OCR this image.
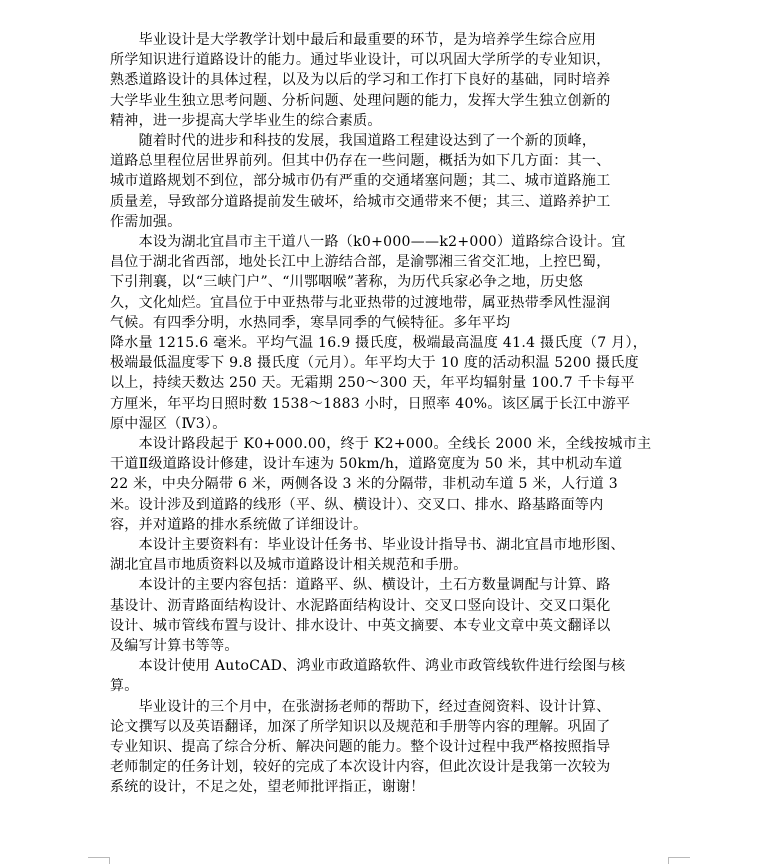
　　毕业设计是大学教学计划中最后和最重要的环节，是为培养学生综合应用
所学知识进行道路设计的能力。通过毕业设计，可以巩固大学所学的专业知识，
熟悉道路设计的具体过程，以及为以后的学习和工作打下良好的基础，同时培养
大学毕业生独立思考问题、分析问题、处理问题的能力，发挥大学生独立创新的
精神，进一步提高大学毕业生的综合素质。

　　随着时代的进步和科技的发展，我国道路工程建设达到了一个新的顶峰，
道路总里程位居世界前列。但其中仍存在一些问题，概括为如下几方面：其一、
城市道路规划不到位，部分城市仍有严重的交通堵塞问题；其二、城市道路施工
质量差，导致部分道路提前发生破坏，给城市交通带来不便；其三、道路养护工
作需加强。

　　本设为湖北宜昌市主干道八一路（k0+000——k2+000）道路综合设计。宜
昌位于湖北省西部，地处长江中上游结合部，是渝鄂湘三省交汇地，上控巴蜀，
下引荆襄，以“三峡门户”、“川鄂咽喉”著称，为历代兵家必争之地，历史悠
久，文化灿烂。宜昌位于中亚热带与北亚热带的过渡地带，属亚热带季风性湿润
气候。有四季分明，水热同季，寒旱同季的气候特征。多年平均
降水量 1215.6 毫米。平均气温 16.9 摄氏度，极端最高温度 41.4 摄氏度（7 月），
极端最低温度零下 9.8 摄氏度（元月）。年平均大于 10 度的活动积温 5200 摄氏度
以上，持续天数达 250 天。无霜期 250～300 天，年平均辐射量 100.7 千卡每平
方厘米，年平均日照时数 1538～1883 小时，日照率 40%。该区属于长江中游平
原中湿区（Ⅳ3）。

　　本设计路段起于 K0+000.00，终于 K2+000。全线长 2000 米，全线按城市主
干道Ⅱ级道路设计修建，设计车速为 50km/h，道路宽度为 50 米，其中机动车道
22 米，中央分隔带 6 米，两侧各设 3 米的分隔带，非机动车道 5 米，人行道 3
米。设计涉及到道路的线形（平、纵、横设计）、交叉口、排水、路基路面等内
容，并对道路的排水系统做了详细设计。

　　本设计主要资料有：毕业设计任务书、毕业设计指导书、湖北宜昌市地形图、
湖北宜昌市地质资料以及城市道路设计相关规范和手册。

　　本设计的主要内容包括：道路平、纵、横设计，土石方数量调配与计算、路
基设计、沥青路面结构设计、水泥路面结构设计、交叉口竖向设计、交叉口渠化
设计、城市管线布置与设计、排水设计、中英文摘要、本专业文章中英文翻译以
及编写计算书等等。

　　本设计使用 AutoCAD、鸿业市政道路软件、鸿业市政管线软件进行绘图与核
算。

　　毕业设计的三个月中，在张澍扬老师的帮助下，经过查阅资料、设计计算、
论文撰写以及英语翻译，加深了所学知识以及规范和手册等内容的理解。巩固了
专业知识、提高了综合分析、解决问题的能力。整个设计过程中我严格按照指导
老师制定的任务计划，较好的完成了本次设计内容，但此次设计是我第一次较为
系统的设计，不足之处，望老师批评指正，谢谢！
